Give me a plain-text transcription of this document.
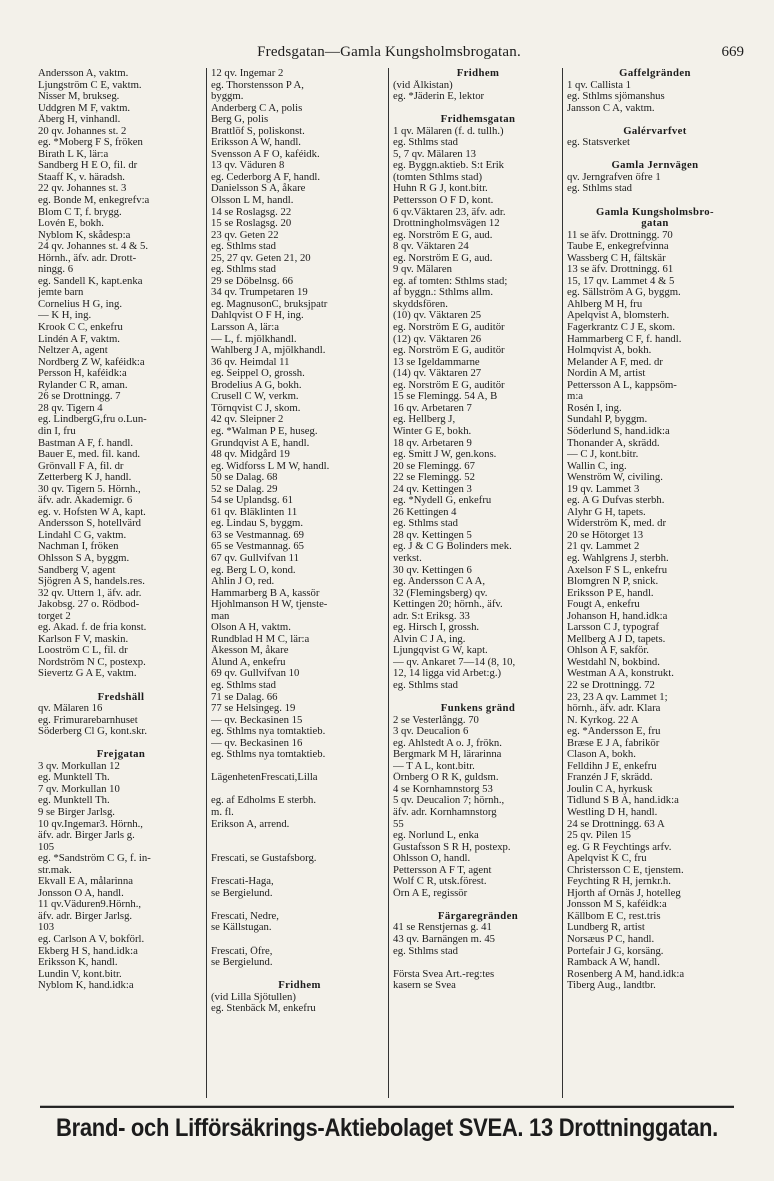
Fredsgatan—Gamla Kungsholmsbrogatan.	669
Andersson A, vaktm.
Ljungström C E, vaktm.
Nisser M, brukseg.
Uddgren M F, vaktm.
Åberg H, vinhandl.
20 qv. Johannes st. 2
eg. *Moberg F S, fröken
Birath L K, lär:a
Sandberg H E O, fil. dr
Staaff K, v. häradsh.
22 qv. Johannes st. 3
eg. Bonde M, enkegrefv:a
Blom C T, f. brygg.
Lovén E, bokh.
Nyblom K, skådesp:a
24 qv. Johannes st. 4 & 5.
Hörnh., äfv. adr. Drott-
ningg. 6
eg. Sandell K, kapt.enka
jemte barn
Cornelius H G, ing.
— K H, ing.
Krook C C, enkefru
Lindén A F, vaktm.
Neltzer A, agent
Nordberg Z W, kaféidk:a
Persson H, kaféidk:a
Rylander C R, aman.
26 se Drottningg. 7
28 qv. Tigern 4
eg. LindbergG,fru o.Lun-
din I, fru
Bastman A F, f. handl.
Bauer E, med. fil. kand.
Grönvall F A, fil. dr
Zetterberg K J, handl.
30 qv. Tigern 5. Hörnh.,
äfv. adr. Akademigr. 6
eg. v. Hofsten W A, kapt.
Andersson S, hotellvärd
Lindahl C G, vaktm.
Nachman I, fröken
Ohlsson S A, byggm.
Sandberg V, agent
Sjögren A S, handels.res.
32 qv. Uttern 1, äfv. adr.
Jakobsg. 27 o. Rödbod-
torget 2
eg. Akad. f. de fria konst.
Karlson F V, maskin.
Looström C L, fil. dr
Nordström N C, postexp.
Sievertz G A E, vaktm.
Fredshäll
qv. Mälaren 16
eg. Frimurarebarnhuset
Söderberg Cl G, kont.skr.
Frejgatan
3 qv. Morkullan 12
eg. Munktell Th.
7 qv. Morkullan 10
eg. Munktell Th.
9 se Birger Jarlsg.
10 qv.Ingemar3. Hörnh.,
äfv. adr. Birger Jarls g.
105
eg. *Sandström C G, f. in-
str.mak.
Ekvall E A, målarinna
Jonsson O A, handl.
11 qv.Väduren9.Hörnh.,
äfv. adr. Birger Jarlsg.
103
eg. Carlson A V, bokförl.
Ekberg H S, hand.idk:a
Eriksson K, handl.
Lundin V, kont.bitr.
Nyblom K, hand.idk:a
12 qv. Ingemar 2
eg. Thorstensson P A,
byggm.
Anderberg C A, polis
Berg G, polis
Brattlöf S, poliskonst.
Eriksson A W, handl.
Svensson A F O, kaféidk.
13 qv. Väduren 8
eg. Cederborg A F, handl.
Danielsson S A, åkare
Olsson L M, handl.
14 se Roslagsg. 22
15 se Roslagsg. 20
23 qv. Geten 22
eg. Sthlms stad
25, 27 qv. Geten 21, 20
eg. Sthlms stad
29 se Döbelnsg. 66
34 qv. Trumpetaren 19
eg. MagnusonC, bruksjpatr
Dahlqvist O F H, ing.
Larsson A, lär:a
— L, f. mjölkhandl.
Wahlberg J A, mjölkhandl.
36 qv. Heimdal 11
eg. Seippel O, grossh.
Brodelius A G, bokh.
Crusell C W, verkm.
Törnqvist C J, skom.
42 qv. Sleipner 2
eg. *Walman P E, huseg.
Grundqvist A E, handl.
48 qv. Midgård 19
eg. Widforss L M W, handl.
50 se Dalag. 68
52 se Dalag. 29
54 se Uplandsg. 61
61 qv. Bläklinten 11
eg. Lindau S, byggm.
63 se Vestmannag. 69
65 se Vestmannag. 65
67 qv. Gullvifvan 11
eg. Berg L O, kond.
Ahlin J O, red.
Hammarberg B A, kassör
Hjohlmanson H W, tjenste-
man
Olson A H, vaktm.
Rundblad H M C, lär:a
Åkesson M, åkare
Ålund A, enkefru
69 qv. Gullvifvan 10
eg. Sthlms stad
71 se Dalag. 66
77 se Helsingeg. 19
— qv. Beckasinen 15
eg. Sthlms nya tomtaktieb.
— qv. Beckasinen 16
eg. Sthlms nya tomtaktieb.
LägenhetenFrescati,Lilla
eg. af Edholms E sterbh.
m. fl.
Erikson A, arrend.
Frescati, se Gustafsborg.
Frescati-Haga,
se Bergielund.
Frescati, Nedre,
se Källstugan.
Frescati, Öfre,
se Bergielund.
Fridhem
(vid Lilla Sjötullen)
eg. Stenbäck M, enkefru
Fridhem
(vid Ålkistan)
eg. *Jäderin E, lektor
Fridhemsgatan
1 qv. Mälaren (f. d. tullh.)
eg. Sthlms stad
5, 7 qv. Mälaren 13
eg. Byggn.aktieb. S:t Erik
(tomten Sthlms stad)
Huhn R G J, kont.bitr.
Pettersson O F D, kont.
6 qv.Väktaren 23, äfv. adr.
Drottningholmsvägen 12
eg. Norström E G, aud.
8 qv. Väktaren 24
eg. Norström E G, aud.
9 qv. Mälaren
eg. af tomten: Sthlms stad;
af byggn.: Sthlms allm.
skyddsfören.
(10) qv. Väktaren 25
eg. Norström E G, auditör
(12) qv. Väktaren 26
eg. Norström E G, auditör
13 se Igeldammarne
(14) qv. Väktaren 27
eg. Norström E G, auditör
15 se Flemingg. 54 A, B
16 qv. Arbetaren 7
eg. Hellberg J,
Winter G E, bokh.
18 qv. Arbetaren 9
eg. Smitt J W, gen.kons.
20 se Flemingg. 67
22 se Flemingg. 52
24 qv. Kettingen 3
eg. *Nydell G, enkefru
26 Kettingen 4
eg. Sthlms stad
28 qv. Kettingen 5
eg. J & C G Bolinders mek.
verkst.
30 qv. Kettingen 6
eg. Andersson C A A,
32 (Flemingsberg) qv.
Kettingen 20; hörnh., äfv.
adr. S:t Eriksg. 33
eg. Hirsch I, grossh.
Alvin C J A, ing.
Ljungqvist G W, kapt.
— qv. Ankaret 7—14 (8, 10,
12, 14 ligga vid Arbet:g.)
eg. Sthlms stad
Funkens gränd
2 se Vesterlångg. 70
3 qv. Deucalion 6
eg. Ahlstedt A o. J, frökn.
Bergmark M H, lärarinna
— T A L, kont.bitr.
Örnberg O R K, guldsm.
4 se Kornhamnstorg 53
5 qv. Deucalion 7; hörnh.,
äfv. adr. Kornhamnstorg
55
eg. Norlund L, enka
Gustafsson S R H, postexp.
Ohlsson O, handl.
Pettersson A F T, agent
Wolf C R, utsk.förest.
Örn A E, regissör
Färgaregränden
41 se Renstjernas g. 41
43 qv. Barnängen m. 45
eg. Sthlms stad
Första Svea Art.-reg:tes
kasern se Svea
Gaffelgränden
1 qv. Callista 1
eg. Sthlms sjömanshus
Jansson C A, vaktm.
Galérvarfvet
eg. Statsverket
Gamla Jernvägen
qv. Jerngrafven öfre 1
eg. Sthlms stad
Gamla Kungsholmsbro-
gatan
11 se äfv. Drottningg. 70
Taube E, enkegrefvinna
Wassberg C H, fältskär
13 se äfv. Drottningg. 61
15, 17 qv. Lammet 4 & 5
eg. Sällström A G, byggm.
Ahlberg M H, fru
Apelqvist A, blomsterh.
Fagerkrantz C J E, skom.
Hammarberg C F, f. handl.
Holmqvist A, bokh.
Melander A F, med. dr
Nordin A M, artist
Pettersson A L, kappsöm-
m:a
Rosén I, ing.
Sundahl P, byggm.
Söderlund S, hand.idk:a
Thonander A, skrädd.
— C J, kont.bitr.
Wallin C, ing.
Wenström W, civiling.
19 qv. Lammet 3
eg. A G Dufvas sterbh.
Alyhr G H, tapets.
Widerström K, med. dr
20 se Hötorget 13
21 qv. Lammet 2
eg. Wahlgrens J, sterbh.
Axelson F S L, enkefru
Blomgren N P, snick.
Eriksson P E, handl.
Fougt A, enkefru
Johanson H, hand.idk:a
Larsson C J, typograf
Mellberg A J D, tapets.
Ohlson A F, sakför.
Westdahl N, bokbind.
Westman A A, konstrukt.
22 se Drottningg. 72
23, 23 A qv. Lammet 1;
hörnh., äfv. adr. Klara
N. Kyrkog. 22 A
eg. *Andersson E, fru
Bræse E J A, fabrikör
Clason A, bokh.
Felldihn J E, enkefru
Franzén J F, skrädd.
Joulin C A, hyrkusk
Tidlund S B A, hand.idk:a
Westling D H, handl.
24 se Drottningg. 63 A
25 qv. Pilen 15
eg. G R Feychtings arfv.
Apelqvist K C, fru
Christersson C E, tjenstem.
Feychting R H, jernkr.h.
Hjorth af Ornäs J, hotelleg
Jonsson M S, kaféidk:a
Källbom E C, rest.tris
Lundberg R, artist
Norsæus P C, handl.
Portefair J G, korsäng.
Ramback A W, handl.
Rosenberg A M, hand.idk:a
Tiberg Aug., landtbr.
Brand- och Lifförsäkrings-Aktiebolaget SVEA. 13 Drottninggatan.
